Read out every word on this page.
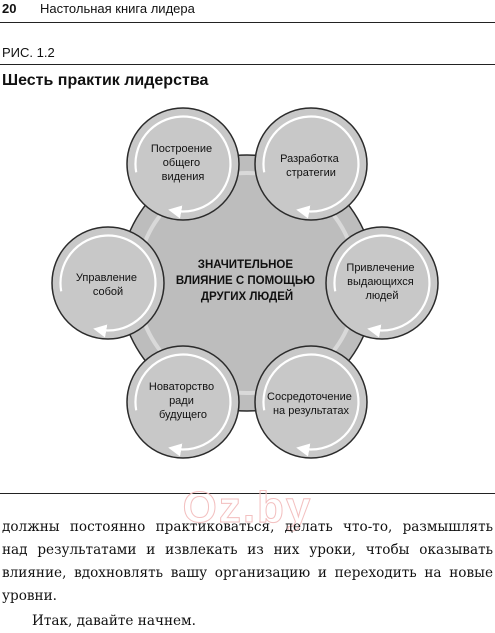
20 Настольная книга лидера
РИС. 1.2
Шесть практик лидерства
Построение общего видения
Разработка стратегии
Привлечение выдающихся людей
Сосредоточение на результатах
Новаторство ради будущего
Управление собой
ЗНАЧИТЕЛЬНОЕ ВЛИЯНИЕ С ПОМОЩЬЮ ДРУГИХ ЛЮДЕЙ
Oz.by

должны постоянно практиковаться, делать что-то, размышлять над результатами и извлекать из них уроки, чтобы оказывать влияние, вдохновлять вашу организацию и переходить на новые уровни.

Итак, давайте начнем.
